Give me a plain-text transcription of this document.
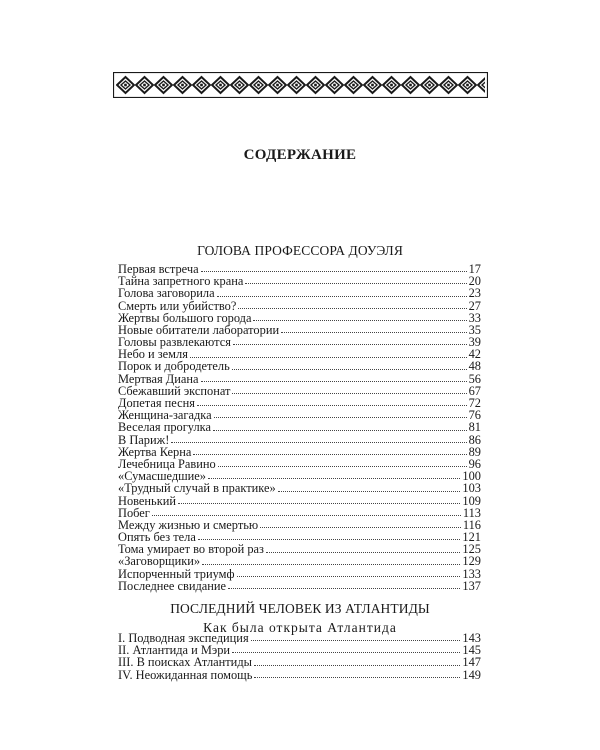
СОДЕРЖАНИЕ
ГОЛОВА ПРОФЕССОРА ДОУЭЛЯ
Первая встреча	17
Тайна запретного крана	20
Голова заговорила	23
Смерть или убийство?	27
Жертвы большого города	33
Новые обитатели лаборатории	35
Головы развлекаются	39
Небо и земля	42
Порок и добродетель	48
Мертвая Диана	56
Сбежавший экспонат	67
Допетая песня	72
Женщина-загадка	76
Веселая прогулка	81
В Париж!	86
Жертва Керна	89
Лечебница Равино	96
«Сумасшедшие»	100
«Трудный случай в практике»	103
Новенький	109
Побег	113
Между жизнью и смертью	116
Опять без тела	121
Тома умирает во второй раз	125
«Заговорщики»	129
Испорченный триумф	133
Последнее свидание	137
ПОСЛЕДНИЙ ЧЕЛОВЕК ИЗ АТЛАНТИДЫ
Как была открыта Атлантида
I. Подводная экспедиция	143
II. Атлантида и Мэри	145
III. В поисках Атлантиды	147
IV. Неожиданная помощь	149
